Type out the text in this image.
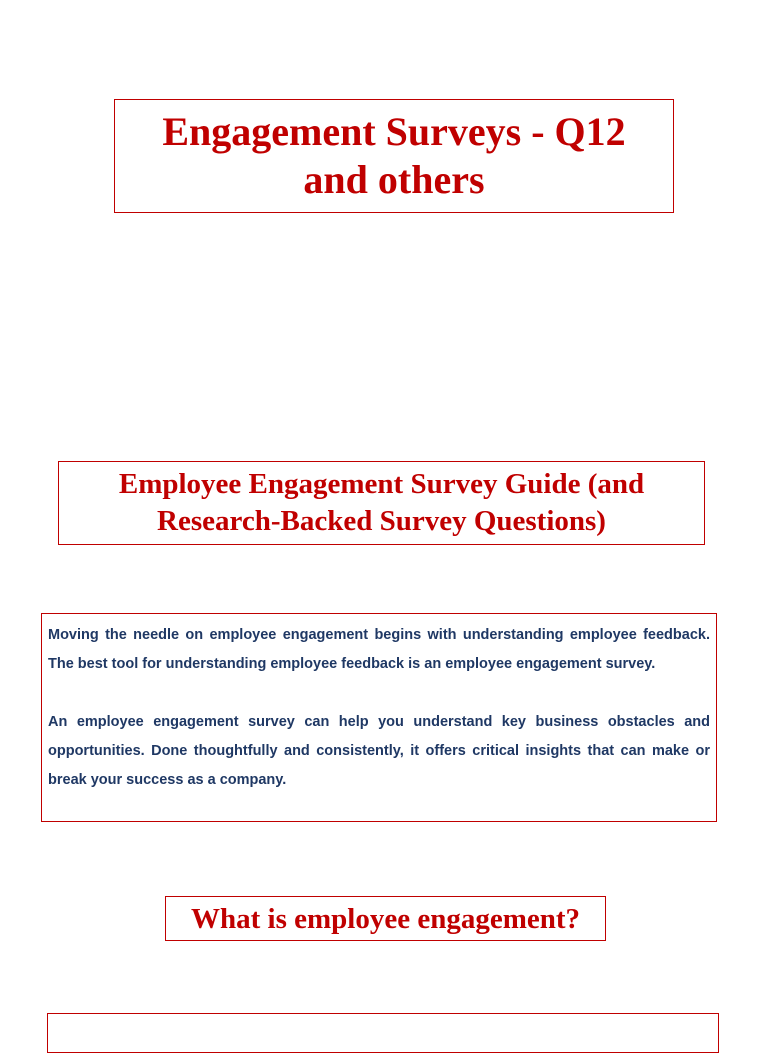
Engagement Surveys - Q12
and others
Employee Engagement Survey Guide (and
Research-Backed Survey Questions)

Moving the needle on employee engagement begins with understanding employee feedback. The best tool for understanding employee feedback is an employee engagement survey.

An employee engagement survey can help you understand key business obstacles and opportunities. Done thoughtfully and consistently, it offers critical insights that can make or break your success as a company.

What is employee engagement?
